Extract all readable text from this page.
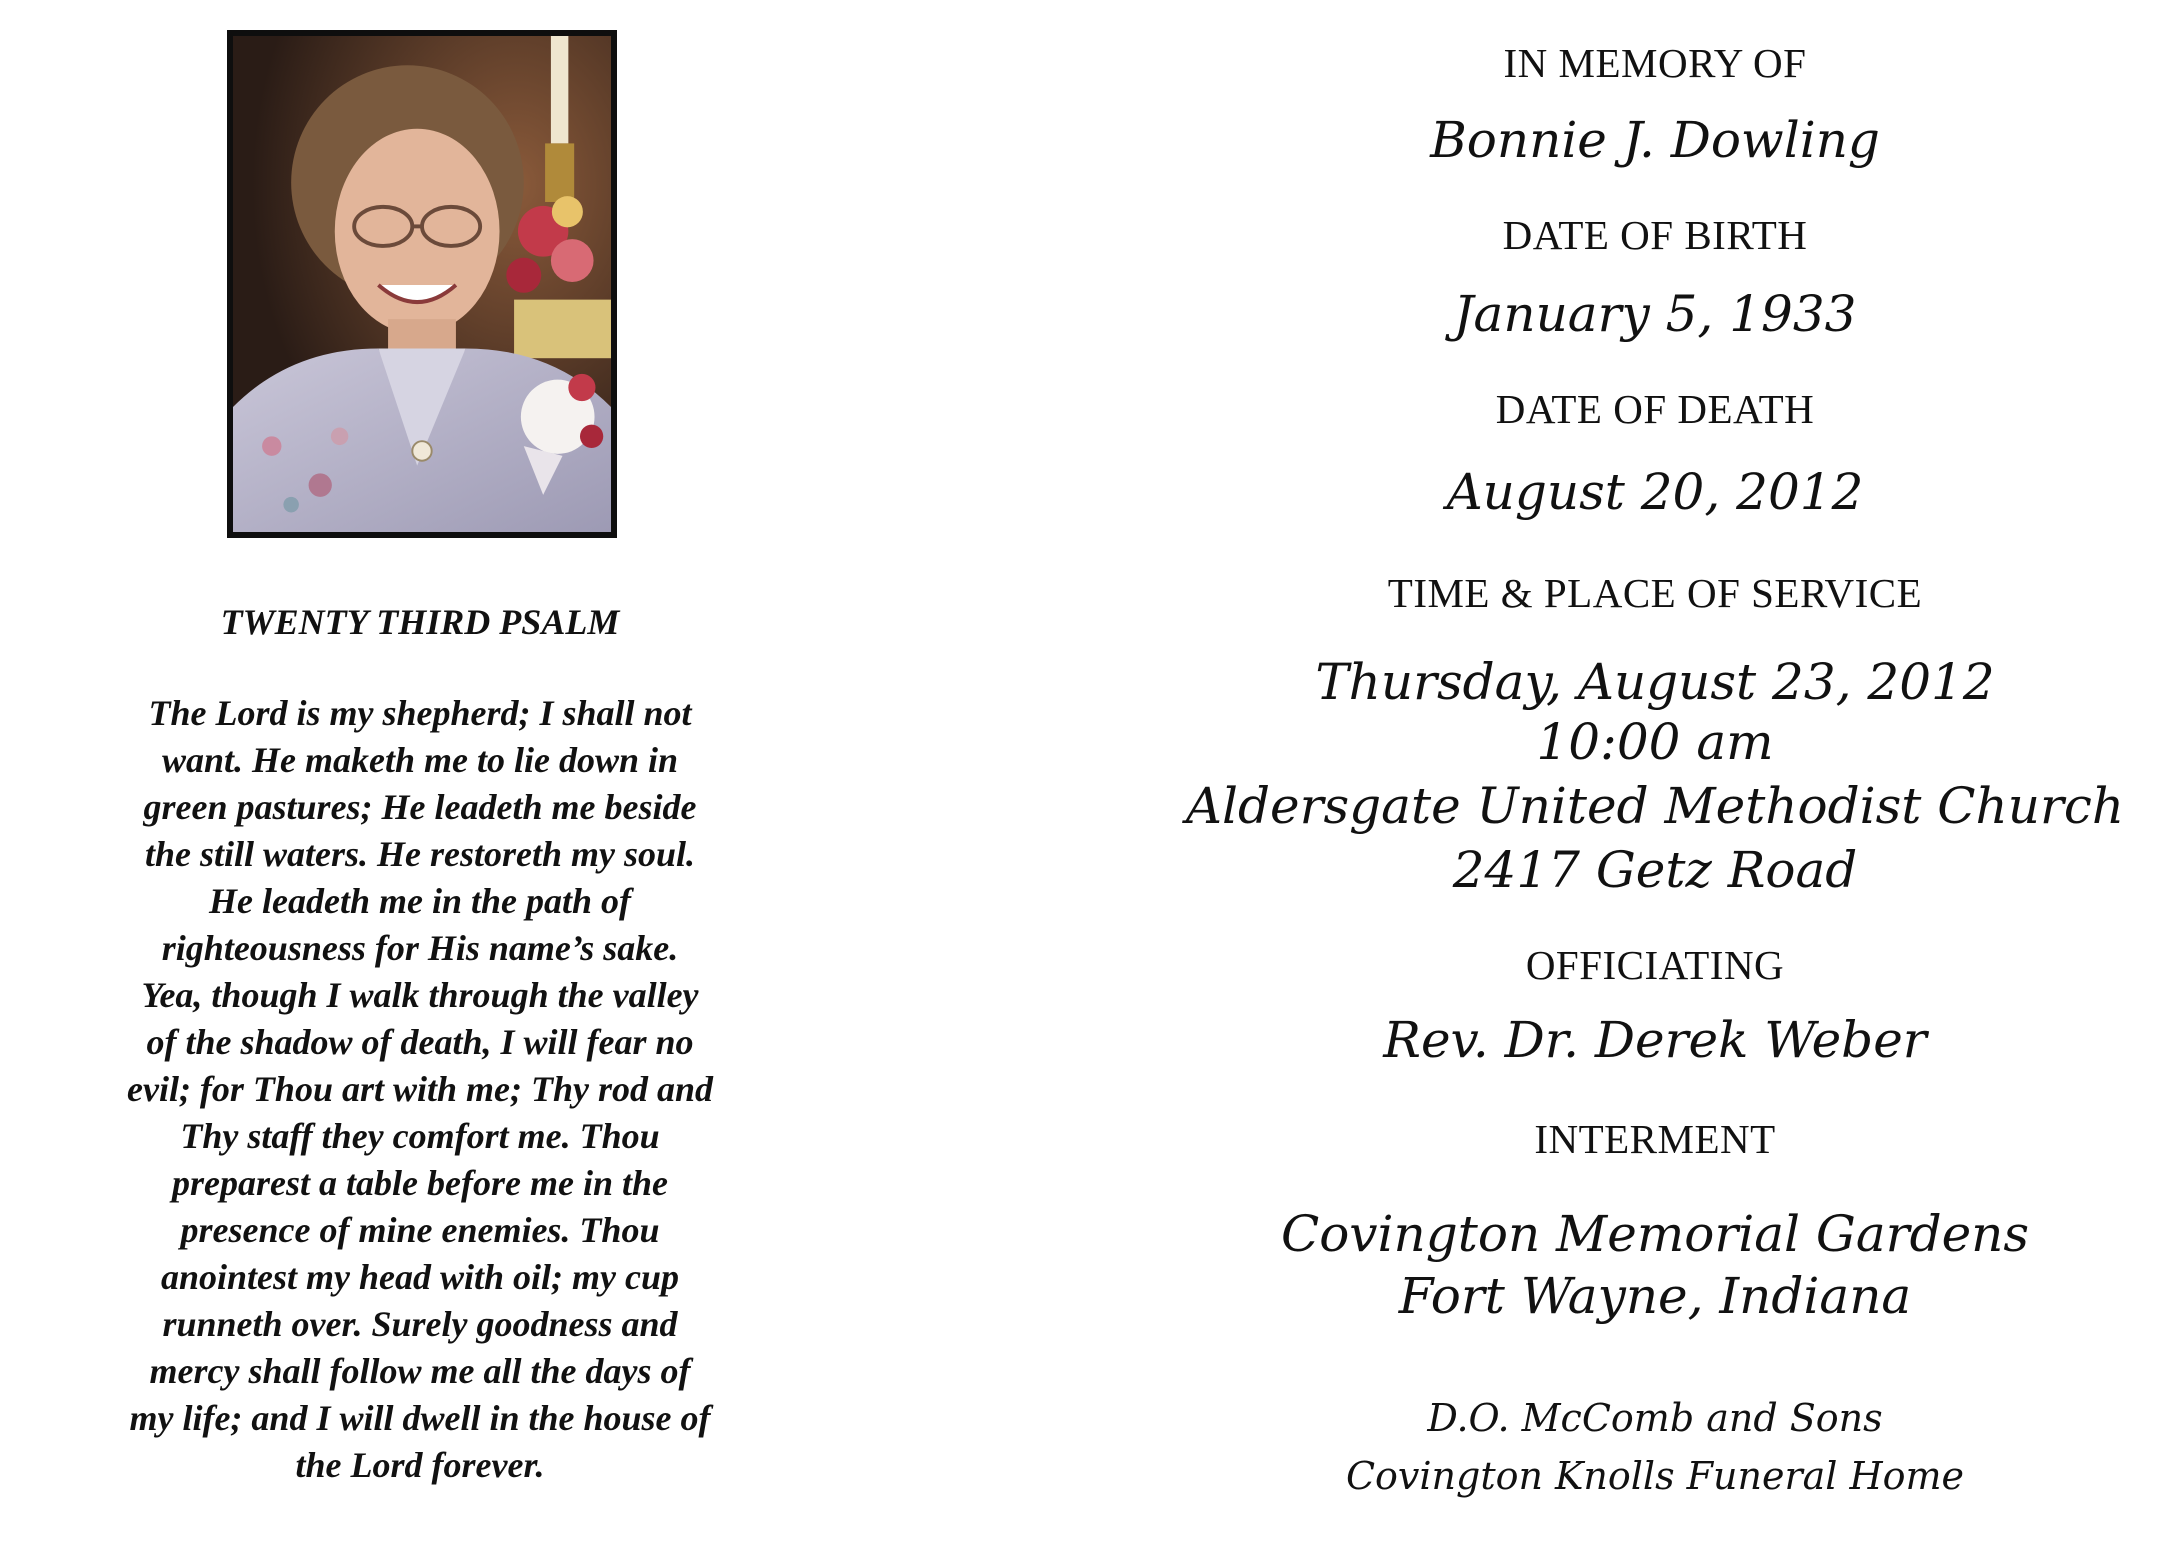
TWENTY THIRD PSALM
The Lord is my shepherd; I shall not
want. He maketh me to lie down in
green pastures; He leadeth me beside
the still waters. He restoreth my soul.
He leadeth me in the path of
righteousness for His name’s sake.
Yea, though I walk through the valley
of the shadow of death, I will fear no
evil; for Thou art with me; Thy rod and
Thy staff they comfort me. Thou
preparest a table before me in the
presence of mine enemies. Thou
anointest my head with oil; my cup
runneth over. Surely goodness and
mercy shall follow me all the days of
my life; and I will dwell in the house of
the Lord forever.
IN MEMORY OF
Bonnie J. Dowling
DATE OF BIRTH
January 5, 1933
DATE OF DEATH
August 20, 2012
TIME & PLACE OF SERVICE
Thursday, August 23, 2012
10:00 am
Aldersgate United Methodist Church
2417 Getz Road
OFFICIATING
Rev. Dr. Derek Weber
INTERMENT
Covington Memorial Gardens
Fort Wayne, Indiana
D.O. McComb and Sons
Covington Knolls Funeral Home
